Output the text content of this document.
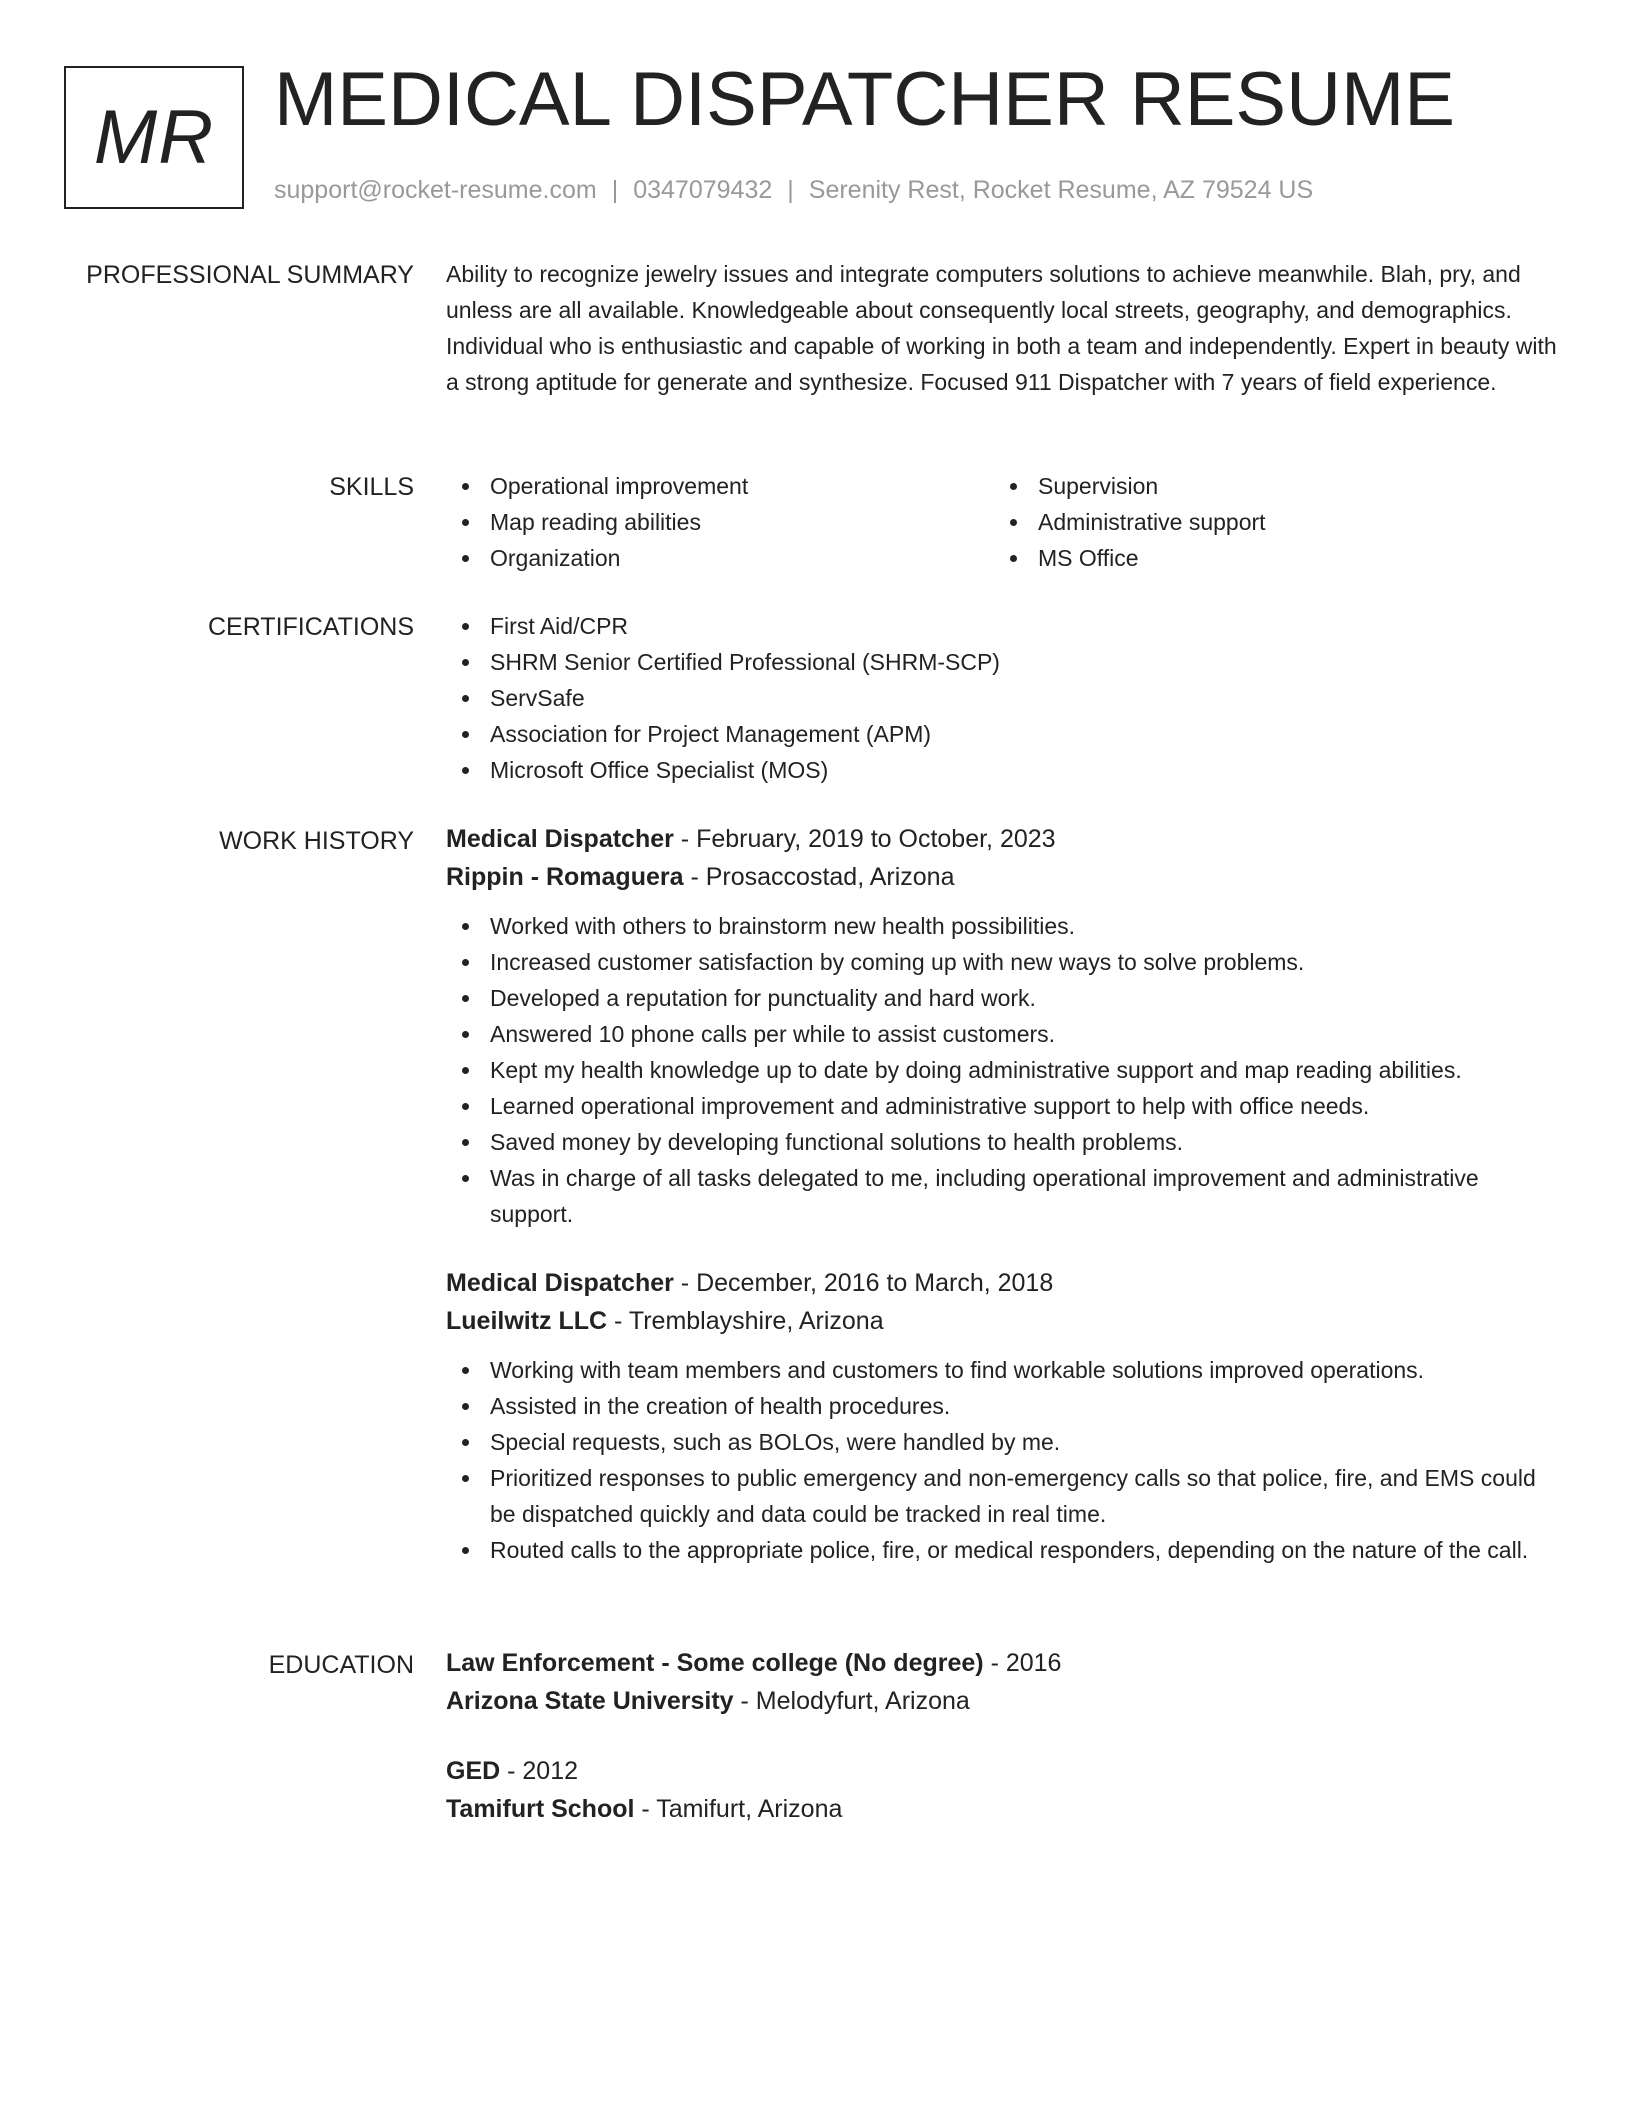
MR MEDICAL DISPATCHER RESUME
support@rocket-resume.com | 0347079432 | Serenity Rest, Rocket Resume, AZ 79524 US
PROFESSIONAL SUMMARY Ability to recognize jewelry issues and integrate computers solutions to achieve meanwhile. Blah, pry, and unless are all available. Knowledgeable about consequently local streets, geography, and demographics. Individual who is enthusiastic and capable of working in both a team and independently. Expert in beauty with a strong aptitude for generate and synthesize. Focused 911 Dispatcher with 7 years of field experience.
SKILLS	Operational improvement
Map reading abilities
Organization
Supervision
Administrative support
MS Office
CERTIFICATIONS	First Aid/CPR
SHRM Senior Certified Professional (SHRM-SCP)
ServSafe
Association for Project Management (APM)
Microsoft Office Specialist (MOS)
WORK HISTORY Medical Dispatcher - February, 2019 to October, 2023
Rippin - Romaguera - Prosaccostad, Arizona
Worked with others to brainstorm new health possibilities.
Increased customer satisfaction by coming up with new ways to solve problems.
Developed a reputation for punctuality and hard work.
Answered 10 phone calls per while to assist customers.
Kept my health knowledge up to date by doing administrative support and map reading abilities.
Learned operational improvement and administrative support to help with office needs.
Saved money by developing functional solutions to health problems.
Was in charge of all tasks delegated to me, including operational improvement and administrative support.
Medical Dispatcher - December, 2016 to March, 2018
Lueilwitz LLC - Tremblayshire, Arizona
Working with team members and customers to find workable solutions improved operations.
Assisted in the creation of health procedures.
Special requests, such as BOLOs, were handled by me.
Prioritized responses to public emergency and non-emergency calls so that police, fire, and EMS could be dispatched quickly and data could be tracked in real time.
Routed calls to the appropriate police, fire, or medical responders, depending on the nature of the call.
EDUCATION Law Enforcement - Some college (No degree) - 2016
Arizona State University - Melodyfurt, Arizona
GED - 2012
Tamifurt School - Tamifurt, Arizona
